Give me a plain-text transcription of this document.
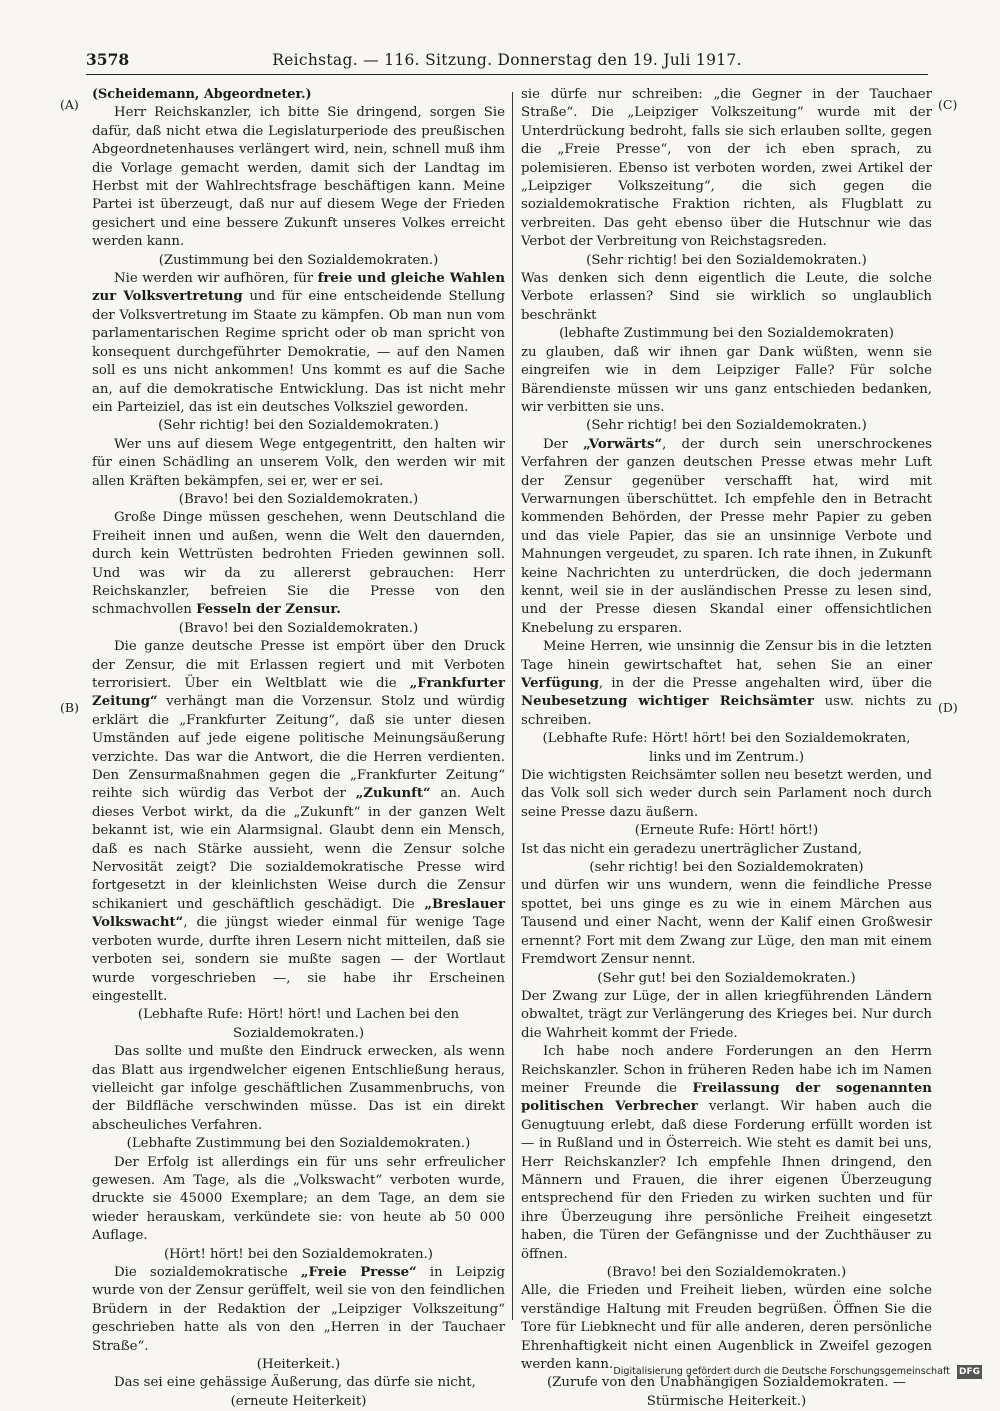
3578	Reichstag. — 116. Sitzung. Donnerstag den 19. Juli 1917.
(A)
(B)
(C)
(D)

(Scheidemann, Abgeordneter.)

Herr Reichskanzler, ich bitte Sie dringend, sorgen Sie dafür, daß nicht etwa die Legislaturperiode des preußischen Abgeordnetenhauses verlängert wird, nein, schnell muß ihm die Vorlage gemacht werden, damit sich der Landtag im Herbst mit der Wahlrechtsfrage beschäftigen kann. Meine Partei ist überzeugt, daß nur auf diesem Wege der Frieden gesichert und eine bessere Zukunft unseres Volkes erreicht werden kann.

(Zustimmung bei den Sozialdemokraten.)

Nie werden wir aufhören, für freie und gleiche Wahlen zur Volksvertretung und für eine entscheidende Stellung der Volksvertretung im Staate zu kämpfen. Ob man nun vom parlamentarischen Regime spricht oder ob man spricht von konsequent durchgeführter Demokratie, — auf den Namen soll es uns nicht ankommen! Uns kommt es auf die Sache an, auf die demokratische Entwicklung. Das ist nicht mehr ein Parteiziel, das ist ein deutsches Volksziel geworden.

(Sehr richtig! bei den Sozialdemokraten.)

Wer uns auf diesem Wege entgegentritt, den halten wir für einen Schädling an unserem Volk, den werden wir mit allen Kräften bekämpfen, sei er, wer er sei.

(Bravo! bei den Sozialdemokraten.)

Große Dinge müssen geschehen, wenn Deutschland die Freiheit innen und außen, wenn die Welt den dauernden, durch kein Wettrüsten bedrohten Frieden gewinnen soll. Und was wir da zu allererst gebrauchen: Herr Reichskanzler, befreien Sie die Presse von den schmachvollen Fesseln der Zensur.

(Bravo! bei den Sozialdemokraten.)

Die ganze deutsche Presse ist empört über den Druck der Zensur, die mit Erlassen regiert und mit Verboten terrorisiert. Über ein Weltblatt wie die „Frankfurter Zeitung“ verhängt man die Vorzensur. Stolz und würdig erklärt die „Frankfurter Zeitung“, daß sie unter diesen Umständen auf jede eigene politische Meinungsäußerung verzichte. Das war die Antwort, die die Herren verdienten. Den Zensurmaßnahmen gegen die „Frankfurter Zeitung“ reihte sich würdig das Verbot der „Zukunft“ an. Auch dieses Verbot wirkt, da die „Zukunft“ in der ganzen Welt bekannt ist, wie ein Alarmsignal. Glaubt denn ein Mensch, daß es nach Stärke aussieht, wenn die Zensur solche Nervosität zeigt? Die sozialdemokratische Presse wird fortgesetzt in der kleinlichsten Weise durch die Zensur schikaniert und geschäftlich geschädigt. Die „Breslauer Volkswacht“, die jüngst wieder einmal für wenige Tage verboten wurde, durfte ihren Lesern nicht mitteilen, daß sie verboten sei, sondern sie mußte sagen — der Wortlaut wurde vorgeschrieben —, sie habe ihr Erscheinen eingestellt.

(Lebhafte Rufe: Hört! hört! und Lachen bei den

Sozialdemokraten.)

Das sollte und mußte den Eindruck erwecken, als wenn das Blatt aus irgendwelcher eigenen Entschließung heraus, vielleicht gar infolge geschäftlichen Zusammenbruchs, von der Bildfläche verschwinden müsse. Das ist ein direkt abscheuliches Verfahren.

(Lebhafte Zustimmung bei den Sozialdemokraten.)

Der Erfolg ist allerdings ein für uns sehr erfreulicher gewesen. Am Tage, als die „Volkswacht“ verboten wurde, druckte sie 45000 Exemplare; an dem Tage, an dem sie wieder herauskam, verkündete sie: von heute ab 50 000 Auflage.

(Hört! hört! bei den Sozialdemokraten.)

Die sozialdemokratische „Freie Presse“ in Leipzig wurde von der Zensur gerüffelt, weil sie von den feindlichen Brüdern in der Redaktion der „Leipziger Volkszeitung“ geschrieben hatte als von den „Herren in der Tauchaer Straße“.

(Heiterkeit.)

Das sei eine gehässige Äußerung, das dürfe sie nicht,

(erneute Heiterkeit)

sie dürfe nur schreiben: „die Gegner in der Tauchaer Straße“. Die „Leipziger Volkszeitung“ wurde mit der Unterdrückung bedroht, falls sie sich erlauben sollte, gegen die „Freie Presse“, von der ich eben sprach, zu polemisieren. Ebenso ist verboten worden, zwei Artikel der „Leipziger Volkszeitung“, die sich gegen die sozialdemokratische Fraktion richten, als Flugblatt zu verbreiten. Das geht ebenso über die Hutschnur wie das Verbot der Verbreitung von Reichstagsreden.

(Sehr richtig! bei den Sozialdemokraten.)

Was denken sich denn eigentlich die Leute, die solche Verbote erlassen? Sind sie wirklich so unglaublich beschränkt

(lebhafte Zustimmung bei den Sozialdemokraten)

zu glauben, daß wir ihnen gar Dank wüßten, wenn sie eingreifen wie in dem Leipziger Falle? Für solche Bärendienste müssen wir uns ganz entschieden bedanken, wir verbitten sie uns.

(Sehr richtig! bei den Sozialdemokraten.)

Der „Vorwärts“, der durch sein unerschrockenes Verfahren der ganzen deutschen Presse etwas mehr Luft der Zensur gegenüber verschafft hat, wird mit Verwarnungen überschüttet. Ich empfehle den in Betracht kommenden Behörden, der Presse mehr Papier zu geben und das viele Papier, das sie an unsinnige Verbote und Mahnungen vergeudet, zu sparen. Ich rate ihnen, in Zukunft keine Nachrichten zu unterdrücken, die doch jedermann kennt, weil sie in der ausländischen Presse zu lesen sind, und der Presse diesen Skandal einer offensichtlichen Knebelung zu ersparen.

Meine Herren, wie unsinnig die Zensur bis in die letzten Tage hinein gewirtschaftet hat, sehen Sie an einer Verfügung, in der die Presse angehalten wird, über die Neubesetzung wichtiger Reichsämter usw. nichts zu schreiben.

(Lebhafte Rufe: Hört! hört! bei den Sozialdemokraten,

links und im Zentrum.)

Die wichtigsten Reichsämter sollen neu besetzt werden, und das Volk soll sich weder durch sein Parlament noch durch seine Presse dazu äußern.

(Erneute Rufe: Hört! hört!)

Ist das nicht ein geradezu unerträglicher Zustand,

(sehr richtig! bei den Sozialdemokraten)

und dürfen wir uns wundern, wenn die feindliche Presse spottet, bei uns ginge es zu wie in einem Märchen aus Tausend und einer Nacht, wenn der Kalif einen Großwesir ernennt? Fort mit dem Zwang zur Lüge, den man mit einem Fremdwort Zensur nennt.

(Sehr gut! bei den Sozialdemokraten.)

Der Zwang zur Lüge, der in allen kriegführenden Ländern obwaltet, trägt zur Verlängerung des Krieges bei. Nur durch die Wahrheit kommt der Friede.

Ich habe noch andere Forderungen an den Herrn Reichskanzler. Schon in früheren Reden habe ich im Namen meiner Freunde die Freilassung der sogenannten politischen Verbrecher verlangt. Wir haben auch die Genugtuung erlebt, daß diese Forderung erfüllt worden ist — in Rußland und in Österreich. Wie steht es damit bei uns, Herr Reichskanzler? Ich empfehle Ihnen dringend, den Männern und Frauen, die ihrer eigenen Überzeugung entsprechend für den Frieden zu wirken suchten und für ihre Überzeugung ihre persönliche Freiheit eingesetzt haben, die Türen der Gefängnisse und der Zuchthäuser zu öffnen.

(Bravo! bei den Sozialdemokraten.)

Alle, die Frieden und Freiheit lieben, würden eine solche verständige Haltung mit Freuden begrüßen. Öffnen Sie die Tore für Liebknecht und für alle anderen, deren persönliche Ehrenhaftigkeit nicht einen Augenblick in Zweifel gezogen werden kann.

(Zurufe von den Unabhängigen Sozialdemokraten. —

Stürmische Heiterkeit.)

Digitalisierung gefördert durch die Deutsche Forschungsgemeinschaft DFG
